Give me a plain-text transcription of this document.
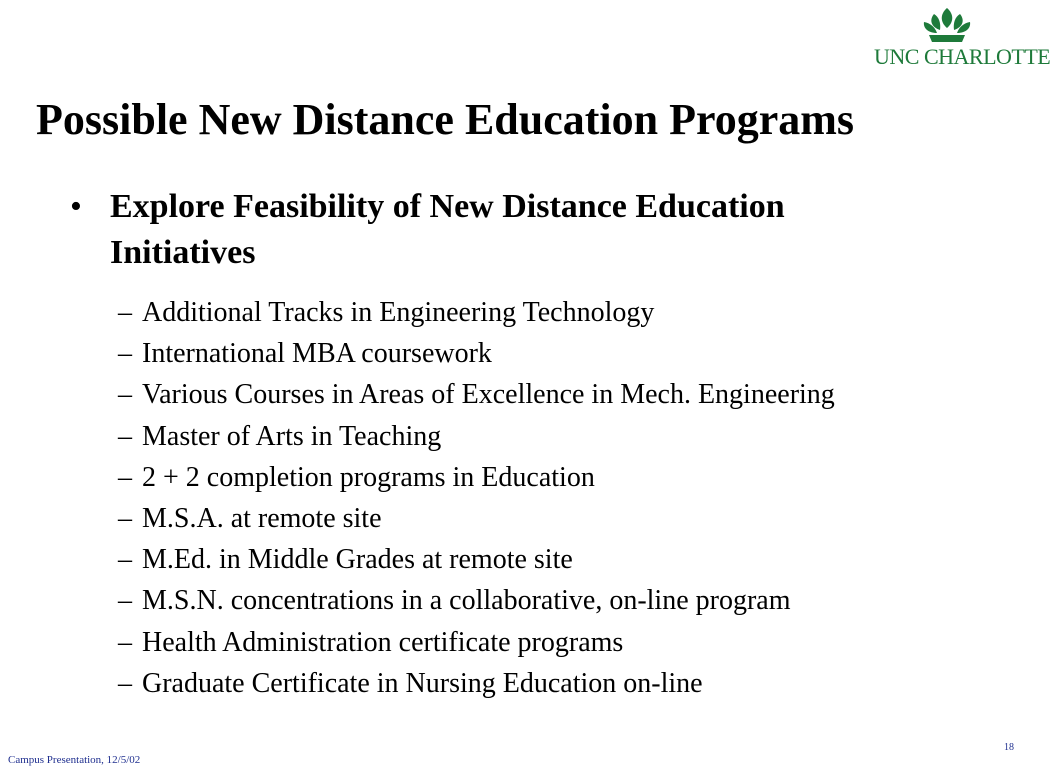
UNC CHARLOTTE
Possible New Distance Education Programs
• Explore Feasibility of New Distance Education Initiatives
– Additional Tracks in Engineering Technology
– International MBA coursework
– Various Courses in Areas of Excellence in Mech. Engineering
– Master of Arts in Teaching
– 2 + 2 completion programs in Education
– M.S.A. at remote site
– M.Ed. in Middle Grades at remote site
– M.S.N. concentrations in a collaborative, on-line program
– Health Administration certificate programs
– Graduate Certificate in Nursing Education on-line
Campus Presentation, 12/5/02
18
